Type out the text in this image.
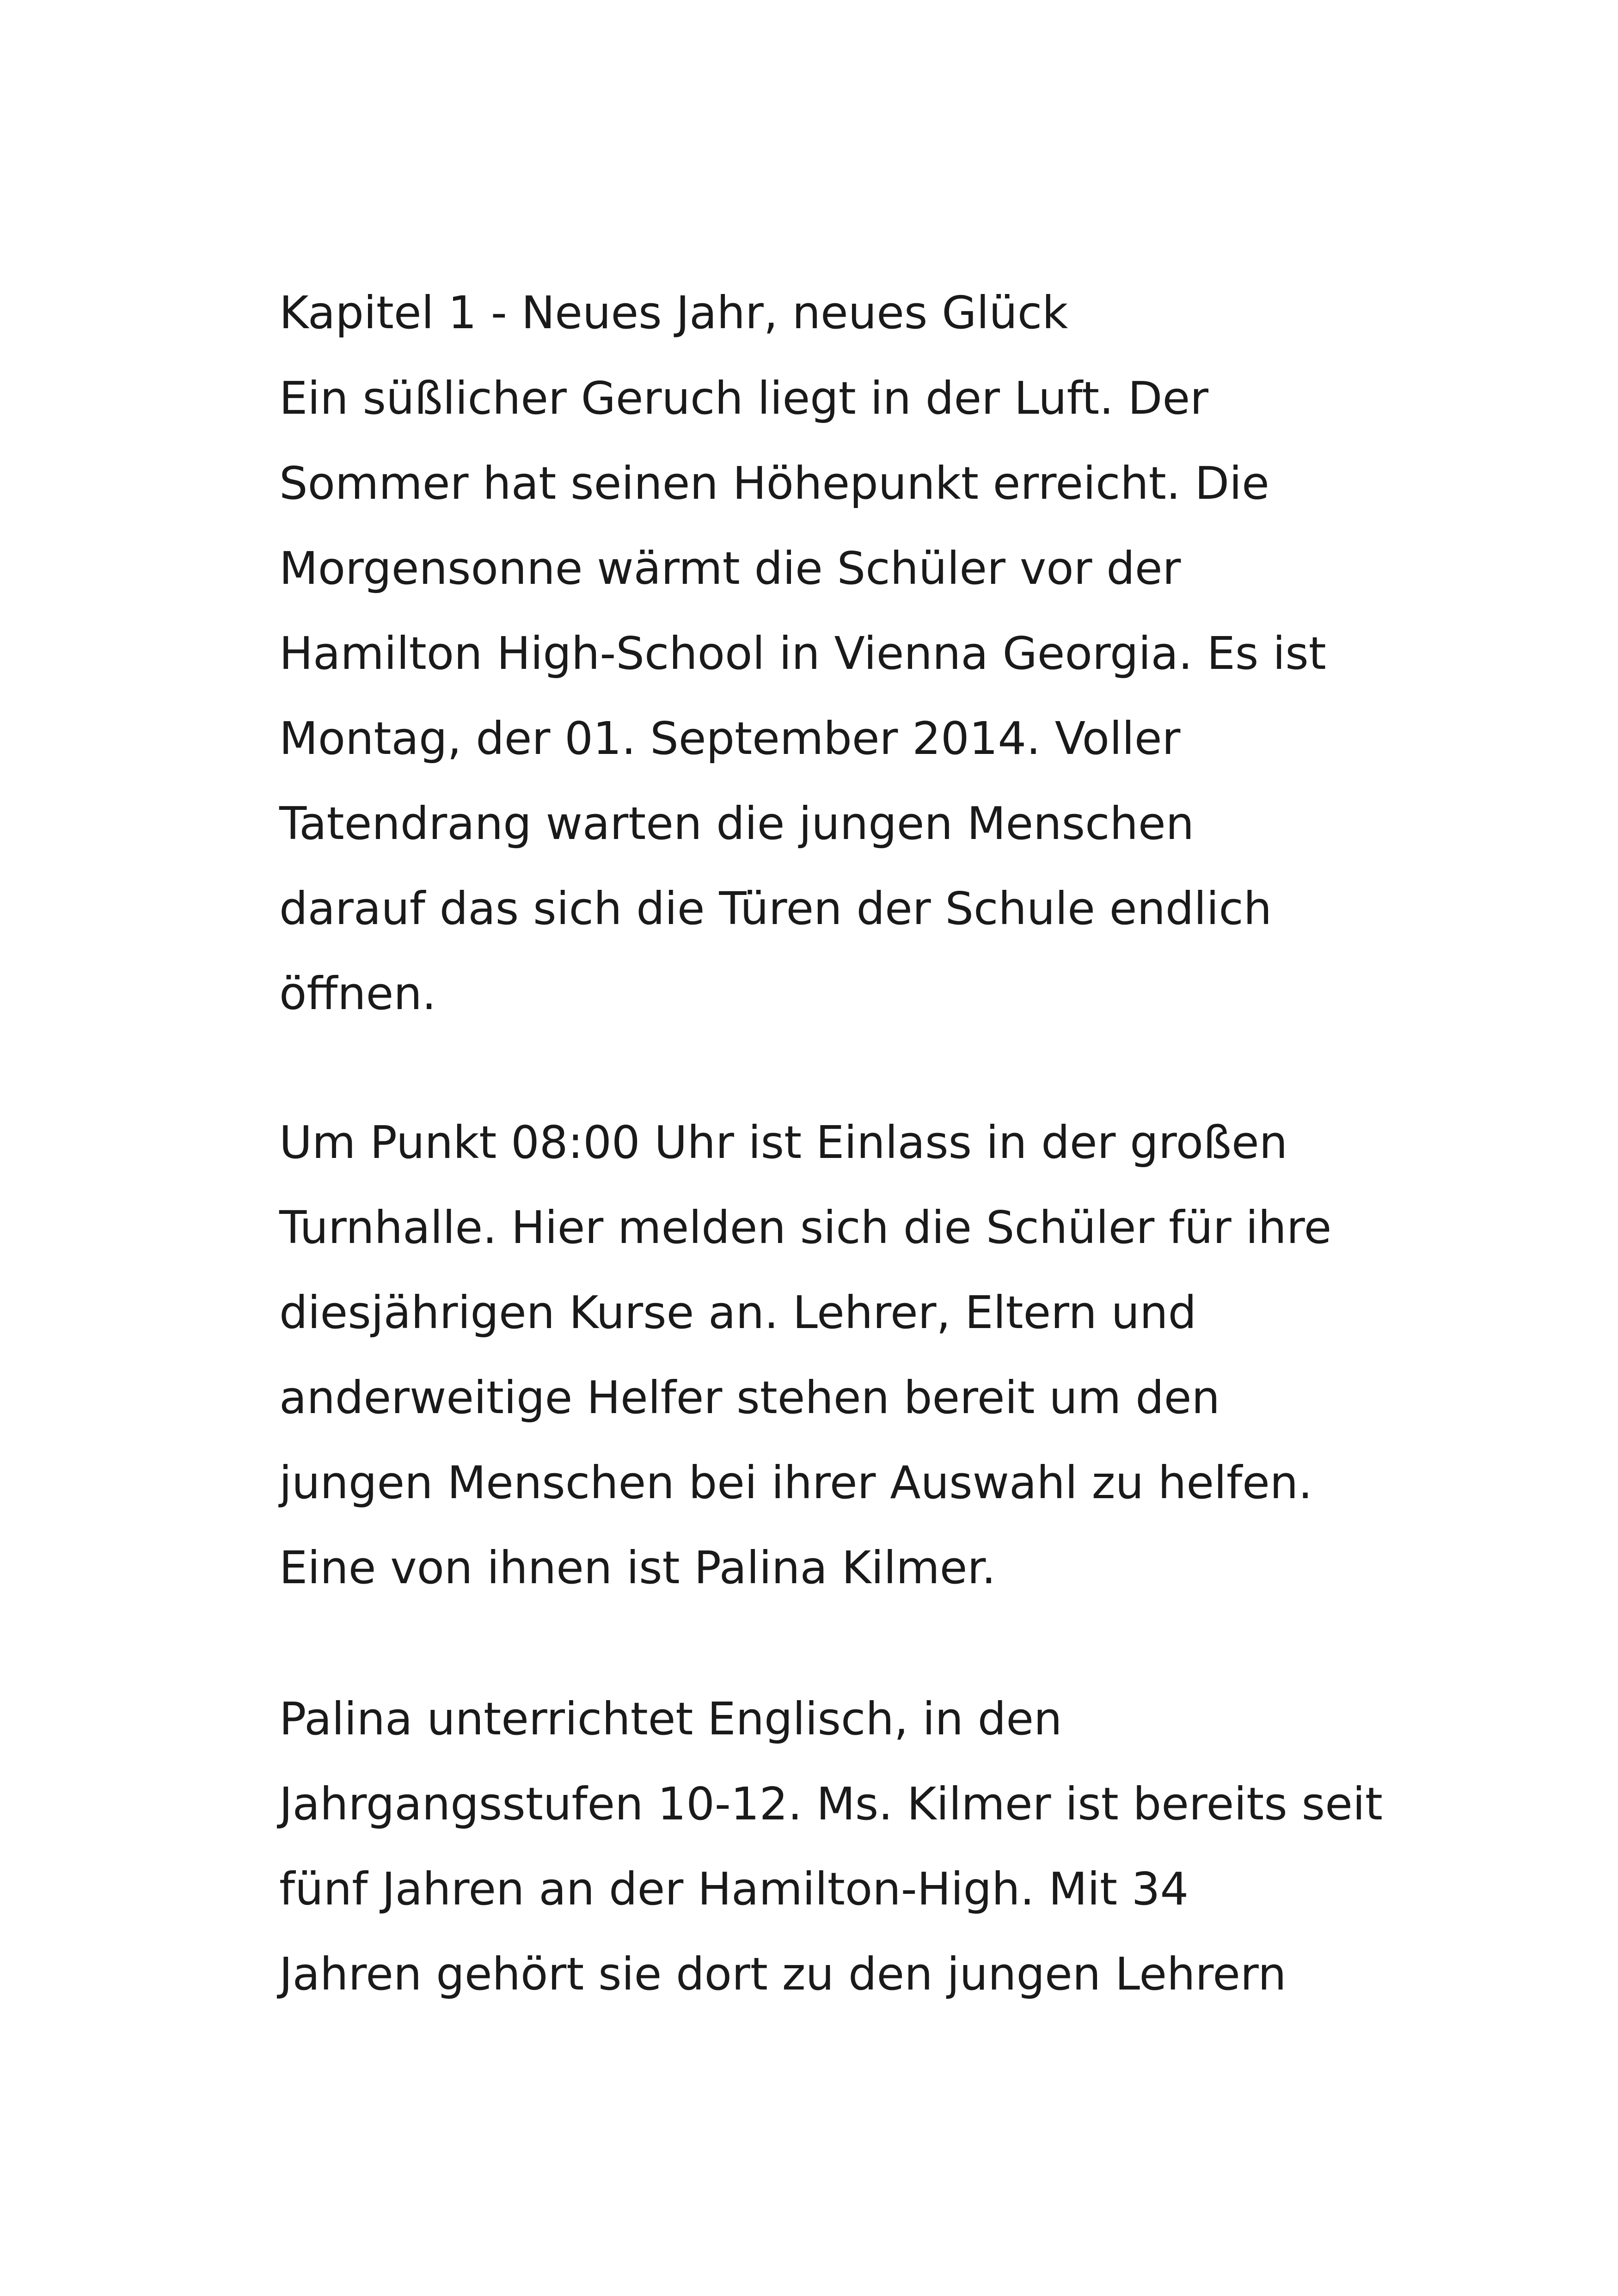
Kapitel 1 - Neues Jahr, neues Glück

Ein süßlicher Geruch liegt in der Luft. Der
Sommer hat seinen Höhepunkt erreicht. Die
Morgensonne wärmt die Schüler vor der
Hamilton High-School in Vienna Georgia. Es ist
Montag, der 01. September 2014. Voller
Tatendrang warten die jungen Menschen
darauf das sich die Türen der Schule endlich
öffnen.

Um Punkt 08:00 Uhr ist Einlass in der großen
Turnhalle. Hier melden sich die Schüler für ihre
diesjährigen Kurse an. Lehrer, Eltern und
anderweitige Helfer stehen bereit um den
jungen Menschen bei ihrer Auswahl zu helfen.
Eine von ihnen ist Palina Kilmer.

Palina unterrichtet Englisch, in den
Jahrgangsstufen 10-12. Ms. Kilmer ist bereits seit
fünf Jahren an der Hamilton-High. Mit 34
Jahren gehört sie dort zu den jungen Lehrern
